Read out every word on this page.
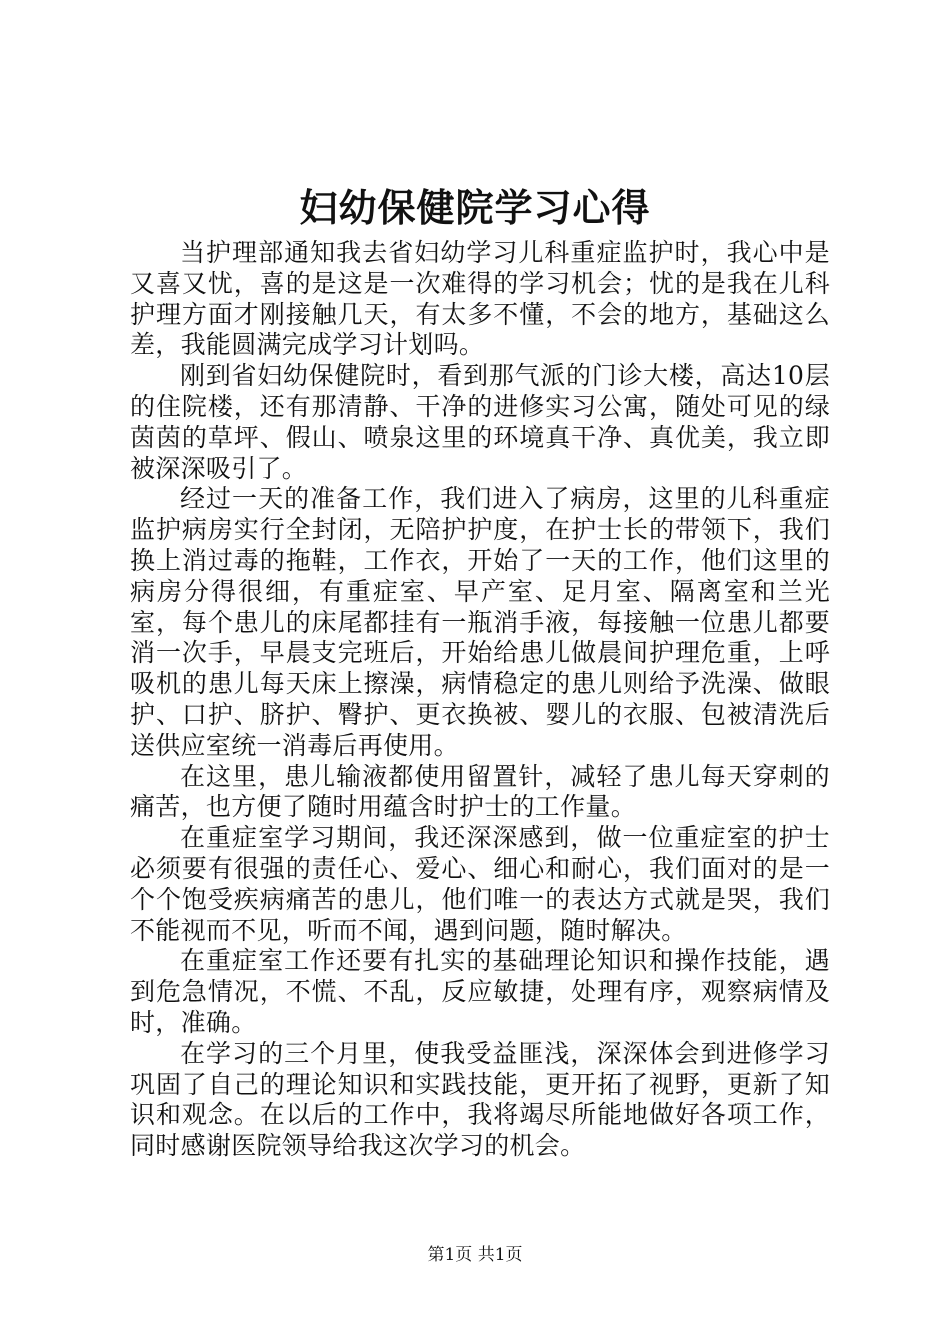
妇幼保健院学习心得

当护理部通知我去省妇幼学习儿科重症监护时，我心中是又喜又忧，喜的是这是一次难得的学习机会；忧的是我在儿科护理方面才刚接触几天，有太多不懂，不会的地方，基础这么差，我能圆满完成学习计划吗。

刚到省妇幼保健院时，看到那气派的门诊大楼，高达10层的住院楼，还有那清静、干净的进修实习公寓，随处可见的绿茵茵的草坪、假山、喷泉这里的环境真干净、真优美，我立即被深深吸引了。

经过一天的准备工作，我们进入了病房，这里的儿科重症监护病房实行全封闭，无陪护护度，在护士长的带领下，我们换上消过毒的拖鞋，工作衣，开始了一天的工作，他们这里的病房分得很细，有重症室、早产室、足月室、隔离室和兰光室，每个患儿的床尾都挂有一瓶消手液，每接触一位患儿都要消一次手，早晨支完班后，开始给患儿做晨间护理危重，上呼吸机的患儿每天床上擦澡，病情稳定的患儿则给予洗澡、做眼护、口护、脐护、臀护、更衣换被、婴儿的衣服、包被清洗后送供应室统一消毒后再使用。

在这里，患儿输液都使用留置针，减轻了患儿每天穿刺的痛苦，也方便了随时用蕴含时护士的工作量。

在重症室学习期间，我还深深感到，做一位重症室的护士必须要有很强的责任心、爱心、细心和耐心，我们面对的是一个个饱受疾病痛苦的患儿，他们唯一的表达方式就是哭，我们不能视而不见，听而不闻，遇到问题，随时解决。

在重症室工作还要有扎实的基础理论知识和操作技能，遇到危急情况，不慌、不乱，反应敏捷，处理有序，观察病情及时，准确。

在学习的三个月里，使我受益匪浅，深深体会到进修学习巩固了自己的理论知识和实践技能，更开拓了视野，更新了知识和观念。在以后的工作中，我将竭尽所能地做好各项工作，同时感谢医院领导给我这次学习的机会。

第1页 共1页
